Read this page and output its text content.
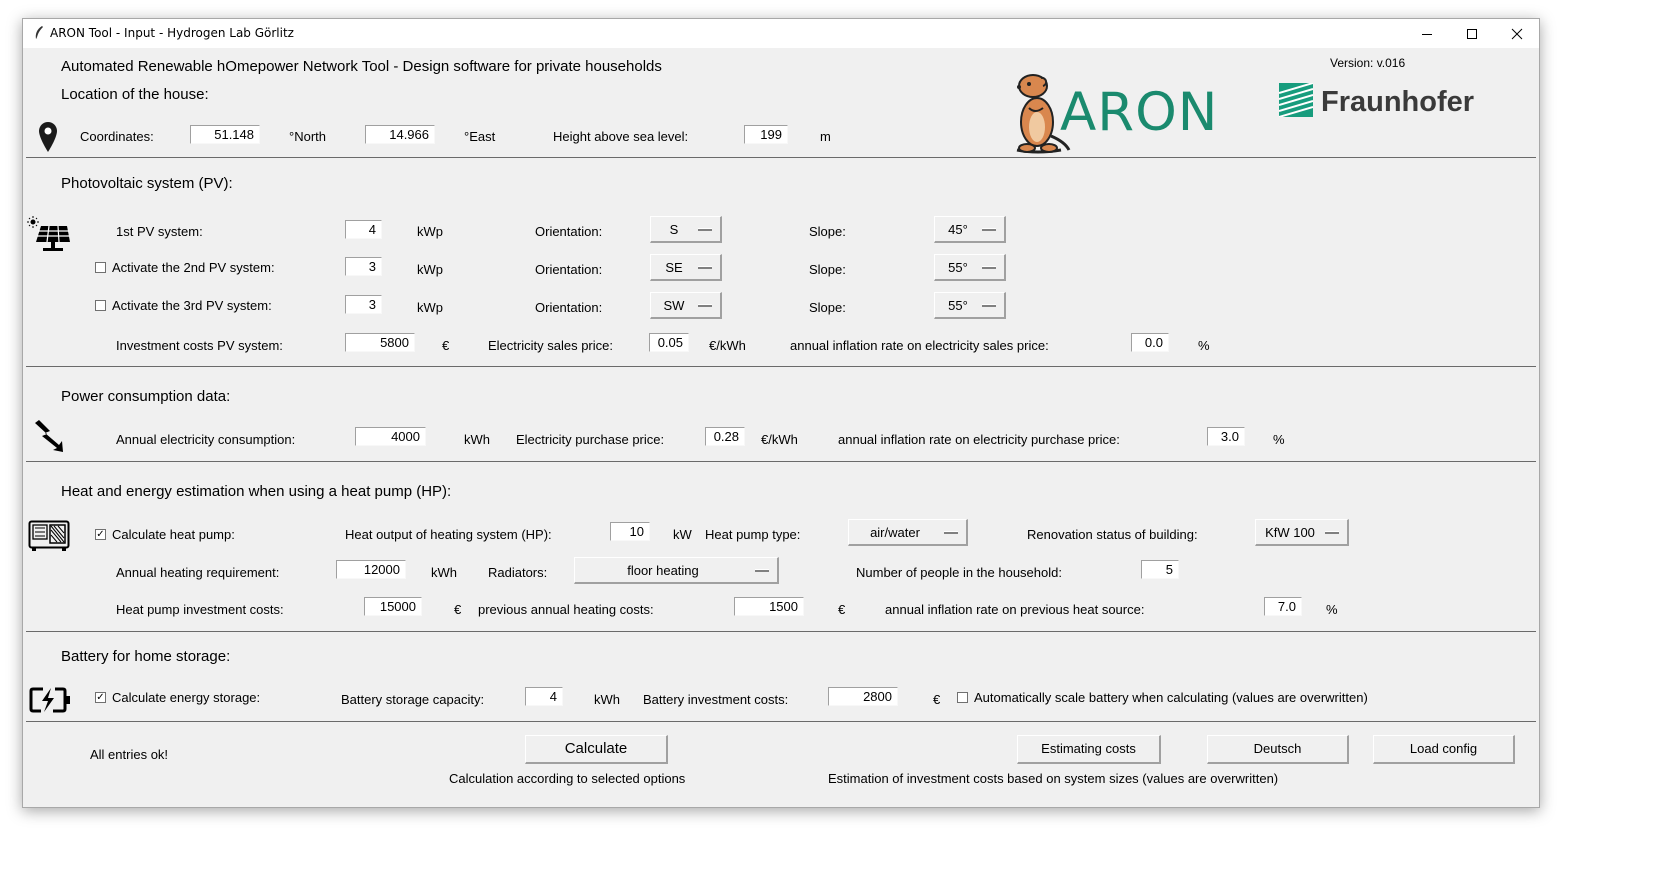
ARON Tool - Input - Hydrogen Lab Görlitz
Automated Renewable hOmepower Network Tool - Design software for private households	Version: v.016
ARON	Fraunhofer
Location of the house:
Coordinates:	51.148	°North	14.966	°East	Height above sea level:	199	m
Photovoltaic system (PV):
1st PV system:	4	kWp	Orientation:	S	Slope:	45°
Activate the 2nd PV system:	3	kWp	Orientation:	SE	Slope:	55°
Activate the 3rd PV system:	3	kWp	Orientation:	SW	Slope:	55°
Investment costs PV system:	5800	€	Electricity sales price:	0.05	€/kWh	annual inflation rate on electricity sales price:	0.0	%
Power consumption data:
Annual electricity consumption:	4000	kWh Electricity purchase price:	0.28	€/kWh	annual inflation rate on electricity purchase price:	3.0	%
Heat and energy estimation when using a heat pump (HP):
✓ Calculate heat pump:	Heat output of heating system (HP):	10	kW Heat pump type:	air/water	Renovation status of building:	KfW 100
Annual heating requirement:	12000	kWh Radiators:	floor heating	Number of people in the household:	5
Heat pump investment costs:	15000	€ previous annual heating costs:	1500	€	annual inflation rate on previous heat source:	7.0	%
Battery for home storage:
✓ Calculate energy storage:	Battery storage capacity:	4	kWh Battery investment costs:	2800	€	Automatically scale battery when calculating (values are overwritten)
All entries ok!	Calculate
Calculation according to selected options
Estimating costs	Deutsch	Load config
Estimation of investment costs based on system sizes (values are overwritten)
